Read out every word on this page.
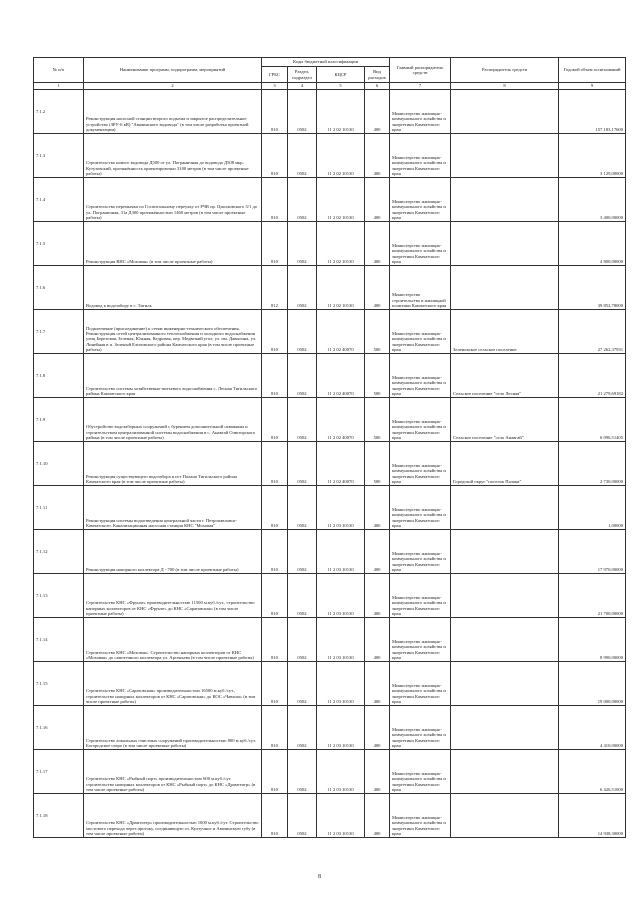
№ п/п	Наименование программ, подпрограмм, мероприятий	Коды бюджетной классификации				Главный распорядитель средств	Распорядитель средств	Годовой объем ассигнований
		ГРБС	Раздел, подраздел	КЦСР	Вид расходов			
1	2	3	4	5	6	7	8	9
7.1.2	Реконструкция насосной станции второго подъема и закрытое распределительное устройство (ЗРУ-6 кВ) "Авачинского водовода" (в том числе разработка проектной документации)	810	0502	11 2 02 10130	400	Министерство жилищно-коммунального хозяйства и энергетики Камчатского края		157 183,17600
7.1.3	Строительство нового водовода Д500 от ул. Пограничная до водовода Д508 мкр. Кутузовский, протяжённость ориентировочно 3100 метров (в том числе проектные работы)	810	0502	11 2 02 10130	400	Министерство жилищно-коммунального хозяйства и энергетики Камчатского края		3 129,00000
7.1.4	Строительство перемычки по Госпитальному переулку от РЧВ пр. Циолковского 3/1 до ул. Пограничная, 31а Д300 протяжённостью 1460 метров (в том числе проектные работы)	810	0502	11 2 02 10130	400	Министерство жилищно-коммунального хозяйства и энергетики Камчатского края		3 400,00000
7.1.5	Реконструкция ВНС «Моховая» (в том числе проектные работы)	810	0502	11 2 02 10130	400	Министерство жилищно-коммунального хозяйства и энергетики Камчатского края		4 800,00000
7.1.6	Водовод к водозабору в с. Тигиль	812	0502	11 2 02 10130	400	Министерство строительства и жилищной политики Камчатского края		39 852,78000
7.1.7	Подключение (присоединение) к сетям инженерно-технического обеспечения. Реконструкция сетей централизованного теплоснабжения и холодного водоснабжения улиц Березовая, Зеленая, Южная, Кедровая, пер. Медвежий угол, ул. им. Давыгина, ул. Линейная в п. Зеленый Елизовского района Камчатского края (в том числе проектные работы)	810	0502	11 2 02 40070	500	Министерство жилищно-коммунального хозяйства и энергетики Камчатского края	Зеленовское сельское поселение	27 262,37931
7.1.8	Строительство системы хозяйственно-питьевого водоснабжения с. Лесная Тигильского района Камчатского края	810	0502	11 2 02 40070	500	Министерство жилищно-коммунального хозяйства и энергетики Камчатского края	Сельское поселение "село Лесная"	21 279,69182
7.1.9	Обустройство водозаборных сооружений с бурением дополнительной скважины и строительством централизованной системы водоснабжения в с. Анавгай Олюторского района (в том числе проектные работы)	810	0502	11 2 02 40070	500	Министерство жилищно-коммунального хозяйства и энергетики Камчатского края	Сельское поселение "село Анавгай"	6 096,51405
7.1.10	Реконструкция существующего водозабора в пгт Палана Тигильского района Камчатского края (в том числе проектные работы)	810	0502	11 2 02 40070	500	Министерство жилищно-коммунального хозяйства и энергетики Камчатского края	Городской округ "поселок Палана"	2 730,00000
7.1.11	Реконструкция системы водоотведения центральной части г. Петропавловск-Камчатского. Канализационная насосная станция КНС "Моховая"	810	0502	11 2 03 10130	400	Министерство жилищно-коммунального хозяйства и энергетики Камчатского края		1,00000
7.1.12	Реконструкция напорного коллектора Д - 700 (в том числе проектные работы)	810	0502	11 2 03 10130	400	Министерство жилищно-коммунального хозяйства и энергетики Камчатского края		17 970,00000
7.1.13	Строительство КНС «Фрунзе» производительностью 11500 м.куб./сут., строительство напорных коллекторов от КНС «Фрунзе» до КНС «Саратовская» (в том числе проектные работы)	810	0502	11 2 03 10130	400	Министерство жилищно-коммунального хозяйства и энергетики Камчатского края		21 700,00000
7.1.14	Строительство КНС «Моховая». Строительство напорных коллекторов от КНС «Моховая» до самотечного коллектора ул. Арсеньева (в том числе проектные работы)	810	0502	11 2 03 10130	400	Министерство жилищно-коммунального хозяйства и энергетики Камчатского края		8 990,00000
7.1.15	Строительство КНС «Саратовская» производительностью 16500 м.куб./сут., строительство напорных коллекторов от КНС «Саратовская» до КОС «Чавыча» (в том числе проектные работы)	810	0502	11 2 03 10130	400	Министерство жилищно-коммунального хозяйства и энергетики Камчатского края		19 000,00000
7.1.16	Строительство локальных очистных сооружений производительностью 800 м.куб./сут. Богородское озеро (в том числе проектные работы)	810	0502	11 2 03 10130	400	Министерство жилищно-коммунального хозяйства и энергетики Камчатского края		4 410,00000
7.1.17	Строительство КНС «Рыбный порт» производительностью 600 м.куб./сут. строительство напорных коллекторов от КНС «Рыбный порт» до КНС «Драмтеатр» (в том числе проектные работы)	810	0502	11 2 03 10130	400	Министерство жилищно-коммунального хозяйства и энергетики Камчатского края		6 426,51000
7.1.18	Строительство КНС «Драмтеатр» производительностью 1000 м.куб./сут. Строительство мостового перехода через протоку, соединяющую оз. Култучное и Авачинскую губу (в том числе проектные работы)	810	0502	11 2 03 10130	400	Министерство жилищно-коммунального хозяйства и энергетики Камчатского края		14 938,30000
8
